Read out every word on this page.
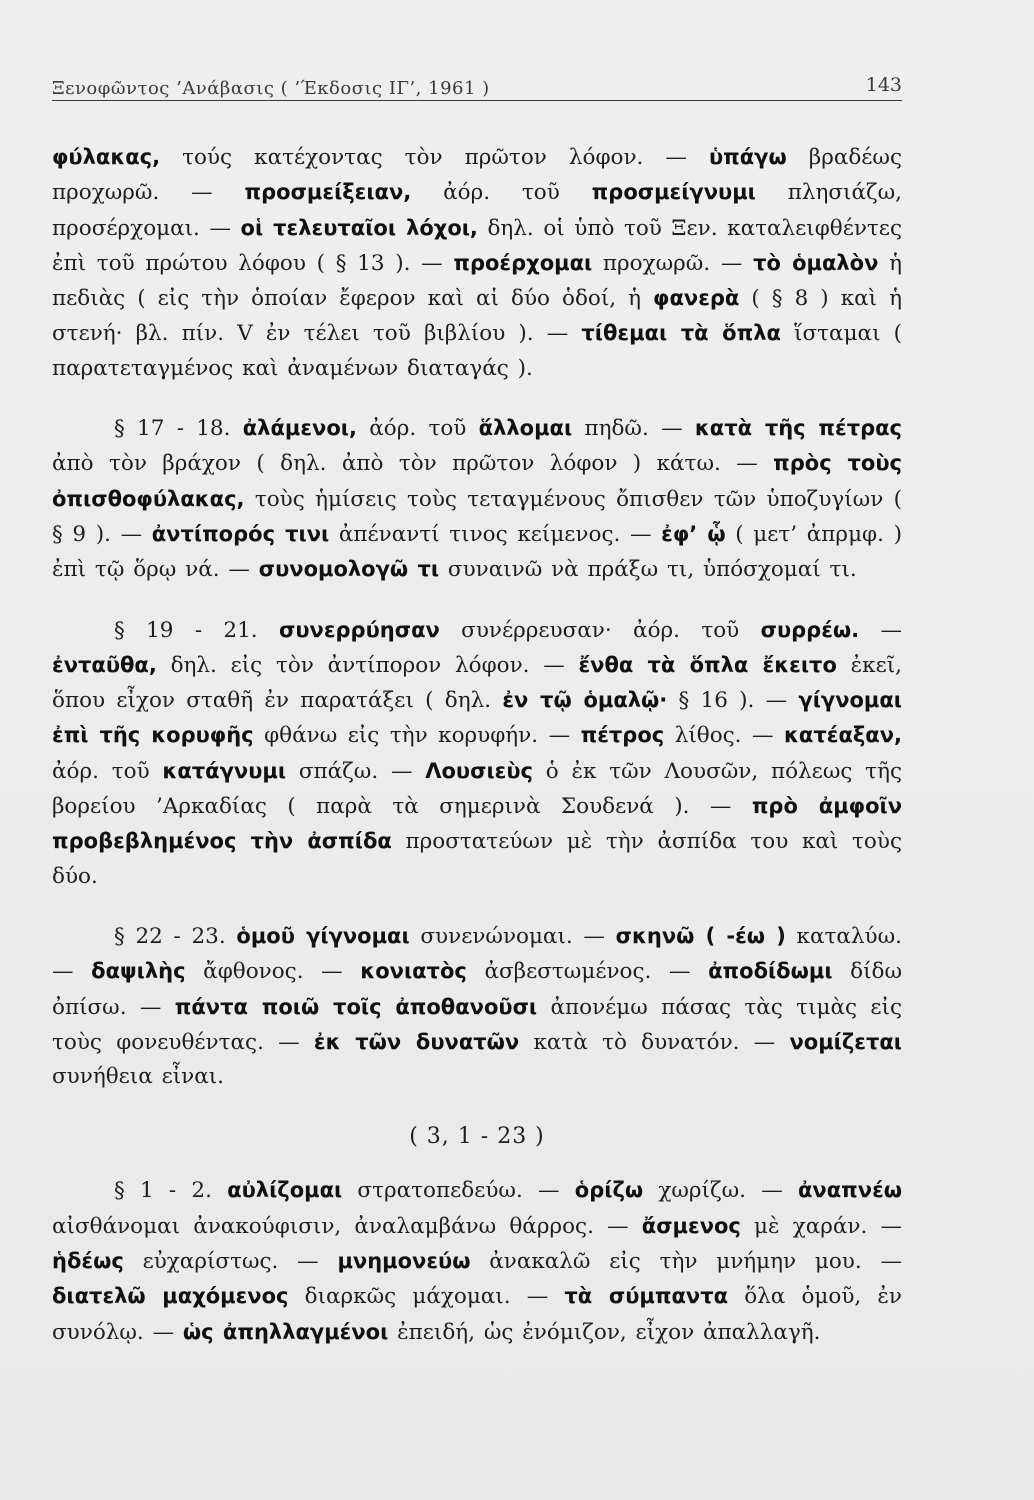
Ξενοφῶντος ’Ανάβασις ( ’Έκδοσις ΙΓ’, 1961 )	143

φύλακας, τούς κατέχοντας τὸν πρῶτον λόφον. — ὑπάγω βραδέως προχωρῶ. — προσμείξειαν, ἀόρ. τοῦ προσμείγνυμι πλησιάζω, προσέρχομαι. — οἱ τελευταῖοι λόχοι, δηλ. οἱ ὑπὸ τοῦ Ξεν. καταλειφθέντες ἐπὶ τοῦ πρώτου λόφου ( § 13 ). — προέρχομαι προχωρῶ. — τὸ ὁμαλὸν ἡ πεδιὰς ( εἰς τὴν ὁποίαν ἔφερον καὶ αἱ δύο ὁδοί, ἡ φανερὰ ( § 8 ) καὶ ἡ στενή· βλ. πίν. V ἐν τέλει τοῦ βιβλίου ). — τίθεμαι τὰ ὅπλα ἵσταμαι ( παρατεταγμένος καὶ ἀναμένων διαταγάς ).

§ 17 - 18. ἀλάμενοι, ἀόρ. τοῦ ἅλλομαι πηδῶ. — κατὰ τῆς πέτρας ἀπὸ τὸν βράχον ( δηλ. ἀπὸ τὸν πρῶτον λόφον ) κάτω. — πρὸς τοὺς ὀπισθοφύλακας, τοὺς ἡμίσεις τοὺς τεταγμένους ὄπισθεν τῶν ὑποζυγίων ( § 9 ). — ἀντίπορός τινι ἀπέναντί τινος κείμενος. — ἐφ’ ᾧ ( μετ’ ἀπρμφ. ) ἐπὶ τῷ ὅρῳ νά. — συνομολογῶ τι συναινῶ νὰ πράξω τι, ὑπόσχομαί τι.

§ 19 - 21. συνερρύησαν συνέρρευσαν· ἀόρ. τοῦ συρρέω. — ἐνταῦθα, δηλ. εἰς τὸν ἀντίπορον λόφον. — ἔνθα τὰ ὅπλα ἔκειτο ἐκεῖ, ὅπου εἶχον σταθῆ ἐν παρατάξει ( δηλ. ἐν τῷ ὁμαλῷ· § 16 ). — γίγνομαι ἐπὶ τῆς κορυφῆς φθάνω εἰς τὴν κορυφήν. — πέτρος λίθος. — κατέαξαν, ἀόρ. τοῦ κατάγνυμι σπάζω. — Λουσιεὺς ὁ ἐκ τῶν Λουσῶν, πόλεως τῆς βορείου ’Αρκαδίας ( παρὰ τὰ σημερινὰ Σουδενά ). — πρὸ ἀμφοῖν προβεβλημένος τὴν ἀσπίδα προστατεύων μὲ τὴν ἀσπίδα του καὶ τοὺς δύο.

§ 22 - 23. ὁμοῦ γίγνομαι συνενώνομαι. — σκηνῶ ( -έω ) καταλύω. — δαψιλὴς ἄφθονος. — κονιατὸς ἀσβεστωμένος. — ἀποδίδωμι δίδω ὀπίσω. — πάντα ποιῶ τοῖς ἀποθανοῦσι ἀπονέμω πάσας τὰς τιμὰς εἰς τοὺς φονευθέντας. — ἐκ τῶν δυνατῶν κατὰ τὸ δυνατόν. — νομίζεται συνήθεια εἶναι.

( 3, 1 - 23 )

§ 1 - 2. αὐλίζομαι στρατοπεδεύω. — ὁρίζω χωρίζω. — ἀναπνέω αἰσθάνομαι ἀνακούφισιν, ἀναλαμβάνω θάρρος. — ἄσμενος μὲ χαράν. — ἡδέως εὐχαρίστως. — μνημονεύω ἀνακαλῶ εἰς τὴν μνήμην μου. — διατελῶ μαχόμενος διαρκῶς μάχομαι. — τὰ σύμπαντα ὅλα ὁμοῦ, ἐν συνόλῳ. — ὡς ἀπηλλαγμένοι ἐπειδή, ὡς ἐνόμιζον, εἶχον ἀπαλλαγῆ.
